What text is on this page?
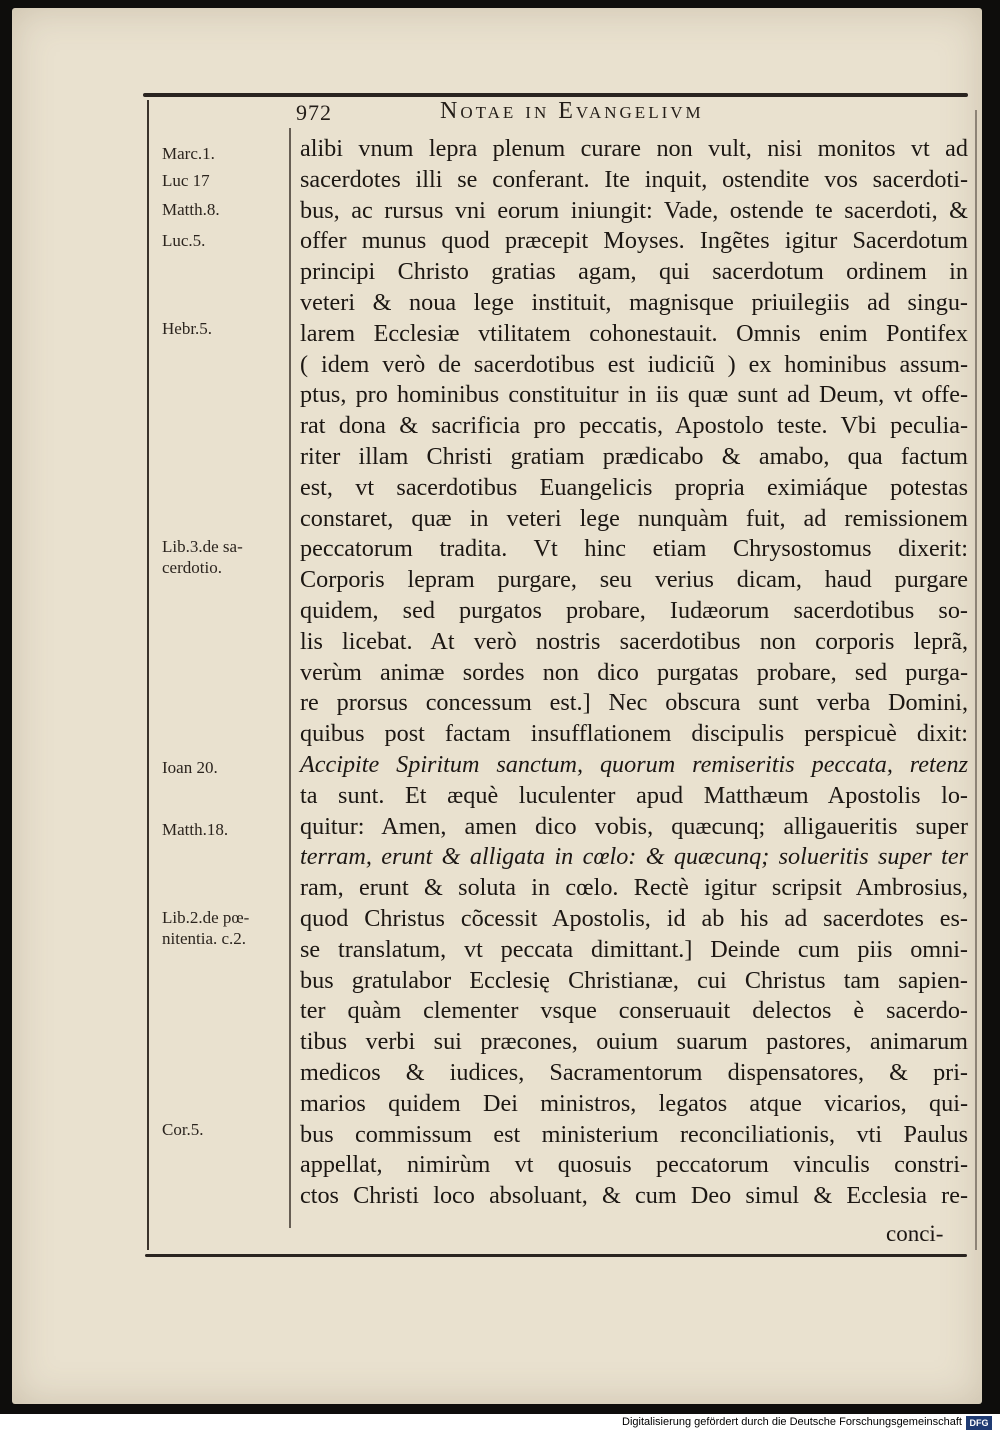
972	Notae in Evangelivm
Marc.1.
Luc 17
Matth.8.
Luc.5.
Hebr.5.
Lib.3.de sa-
cerdotio.
Ioan 20.
Matth.18.
Lib.2.de pœ-
nitentia. c.2.
Cor.5.
alibi vnum lepra plenum curare non vult, nisi monitos vt ad
sacerdotes illi se conferant. Ite inquit, ostendite vos sacerdoti-
bus, ac rursus vni eorum iniungit: Vade, ostende te sacerdoti, &
offer munus quod præcepit Moyses. Ingẽtes igitur Sacerdotum
principi Christo gratias agam, qui sacerdotum ordinem in
veteri & noua lege instituit, magnisque priuilegiis ad singu-
larem Ecclesiæ vtilitatem cohonestauit. Omnis enim Pontifex
( idem verò de sacerdotibus est iudiciũ ) ex hominibus assum-
ptus, pro hominibus constituitur in iis quæ sunt ad Deum, vt offe-
rat dona & sacrificia pro peccatis, Apostolo teste. Vbi peculia-
riter illam Christi gratiam prædicabo & amabo, qua factum
est, vt sacerdotibus Euangelicis propria eximiáque potestas
constaret, quæ in veteri lege nunquàm fuit, ad remissionem
peccatorum tradita. Vt hinc etiam Chrysostomus dixerit:
Corporis lepram purgare, seu verius dicam, haud purgare
quidem, sed purgatos probare, Iudæorum sacerdotibus so-
lis licebat. At verò nostris sacerdotibus non corporis leprã,
verùm animæ sordes non dico purgatas probare, sed purga-
re prorsus concessum est.] Nec obscura sunt verba Domini,
quibus post factam insufflationem discipulis perspicuè dixit:
Accipite Spiritum sanctum, quorum remiseritis peccata, retenz
ta sunt. Et æquè luculenter apud Matthæum Apostolis lo-
quitur: Amen, amen dico vobis, quæcunq; alligaueritis super
terram, erunt & alligata in cœlo: & quæcunq; solueritis super ter
ram, erunt & soluta in cœlo. Rectè igitur scripsit Ambrosius,
quod Christus cõcessit Apostolis, id ab his ad sacerdotes es-
se translatum, vt peccata dimittant.] Deinde cum piis omni-
bus gratulabor Ecclesię Christianæ, cui Christus tam sapien-
ter quàm clementer vsque conseruauit delectos è sacerdo-
tibus verbi sui præcones, ouium suarum pastores, animarum
medicos & iudices, Sacramentorum dispensatores, & pri-
marios quidem Dei ministros, legatos atque vicarios, qui-
bus commissum est ministerium reconciliationis, vti Paulus
appellat, nimirùm vt quosuis peccatorum vinculis constri-
ctos Christi loco absoluant, & cum Deo simul & Ecclesia re-
conci-
Digitalisierung gefördert durch die Deutsche Forschungsgemeinschaft DFG
